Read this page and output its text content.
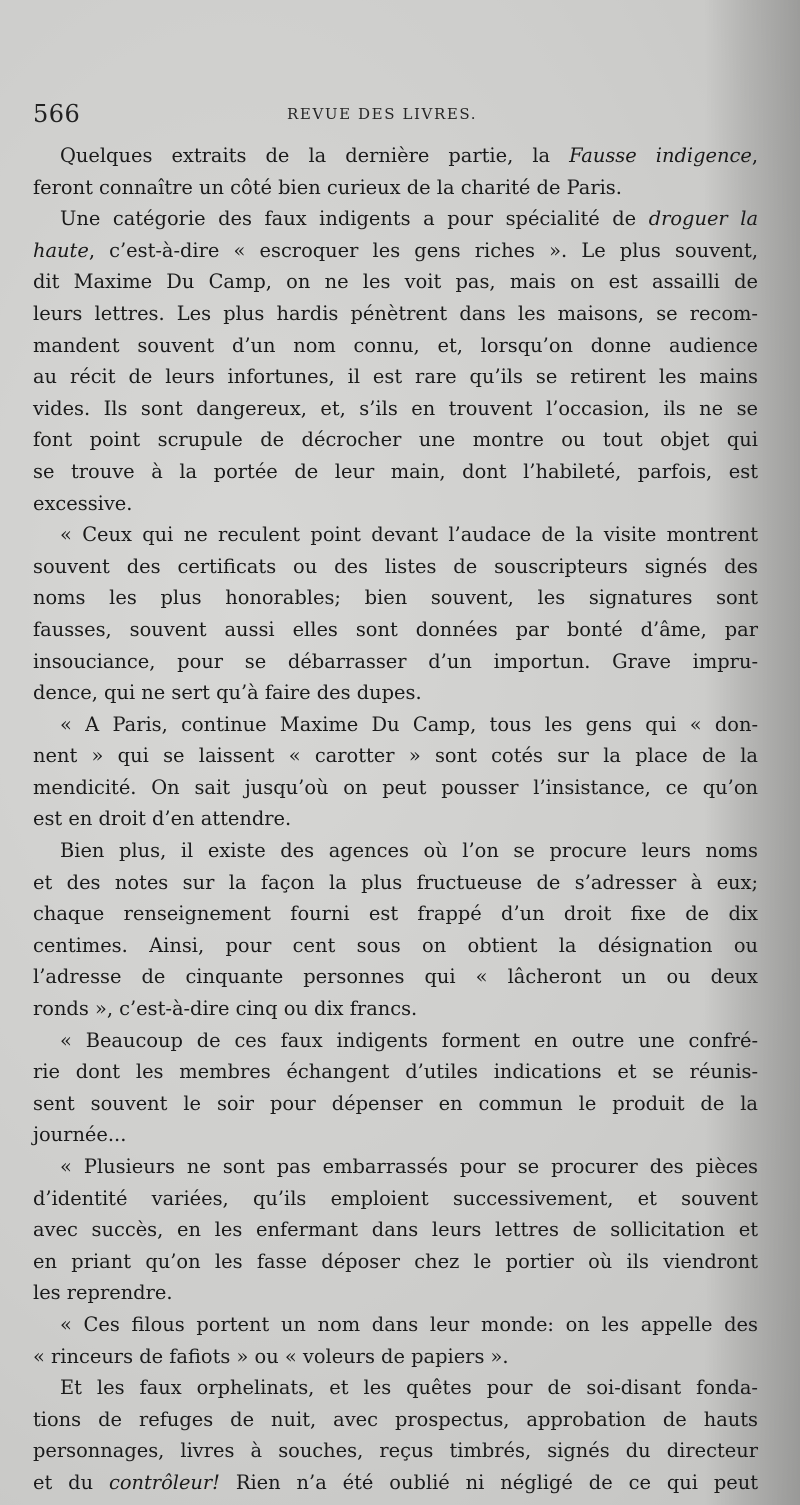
566	REVUE DES LIVRES.
Quelques extraits de la dernière partie, la Fausse indigence,
feront connaître un côté bien curieux de la charité de Paris.
Une catégorie des faux indigents a pour spécialité de droguer la
haute, c’est-à-dire « escroquer les gens riches ». Le plus souvent,
dit Maxime Du Camp, on ne les voit pas, mais on est assailli de
leurs lettres. Les plus hardis pénètrent dans les maisons, se recom-
mandent souvent d’un nom connu, et, lorsqu’on donne audience
au récit de leurs infortunes, il est rare qu’ils se retirent les mains
vides. Ils sont dangereux, et, s’ils en trouvent l’occasion, ils ne se
font point scrupule de décrocher une montre ou tout objet qui
se trouve à la portée de leur main, dont l’habileté, parfois, est
excessive.
« Ceux qui ne reculent point devant l’audace de la visite montrent
souvent des certificats ou des listes de souscripteurs signés des
noms les plus honorables; bien souvent, les signatures sont
fausses, souvent aussi elles sont données par bonté d’âme, par
insouciance, pour se débarrasser d’un importun. Grave impru-
dence, qui ne sert qu’à faire des dupes.
« A Paris, continue Maxime Du Camp, tous les gens qui « don-
nent » qui se laissent « carotter » sont cotés sur la place de la
mendicité. On sait jusqu’où on peut pousser l’insistance, ce qu’on
est en droit d’en attendre.
Bien plus, il existe des agences où l’on se procure leurs noms
et des notes sur la façon la plus fructueuse de s’adresser à eux;
chaque renseignement fourni est frappé d’un droit fixe de dix
centimes. Ainsi, pour cent sous on obtient la désignation ou
l’adresse de cinquante personnes qui « lâcheront un ou deux
ronds », c’est-à-dire cinq ou dix francs.
« Beaucoup de ces faux indigents forment en outre une confré-
rie dont les membres échangent d’utiles indications et se réunis-
sent souvent le soir pour dépenser en commun le produit de la
journée...
« Plusieurs ne sont pas embarrassés pour se procurer des pièces
d’identité variées, qu’ils emploient successivement, et souvent
avec succès, en les enfermant dans leurs lettres de sollicitation et
en priant qu’on les fasse déposer chez le portier où ils viendront
les reprendre.
« Ces filous portent un nom dans leur monde: on les appelle des
« rinceurs de fafiots » ou « voleurs de papiers ».
Et les faux orphelinats, et les quêtes pour de soi-disant fonda-
tions de refuges de nuit, avec prospectus, approbation de hauts
personnages, livres à souches, reçus timbrés, signés du directeur
et du contrôleur! Rien n’a été oublié ni négligé de ce qui peut
